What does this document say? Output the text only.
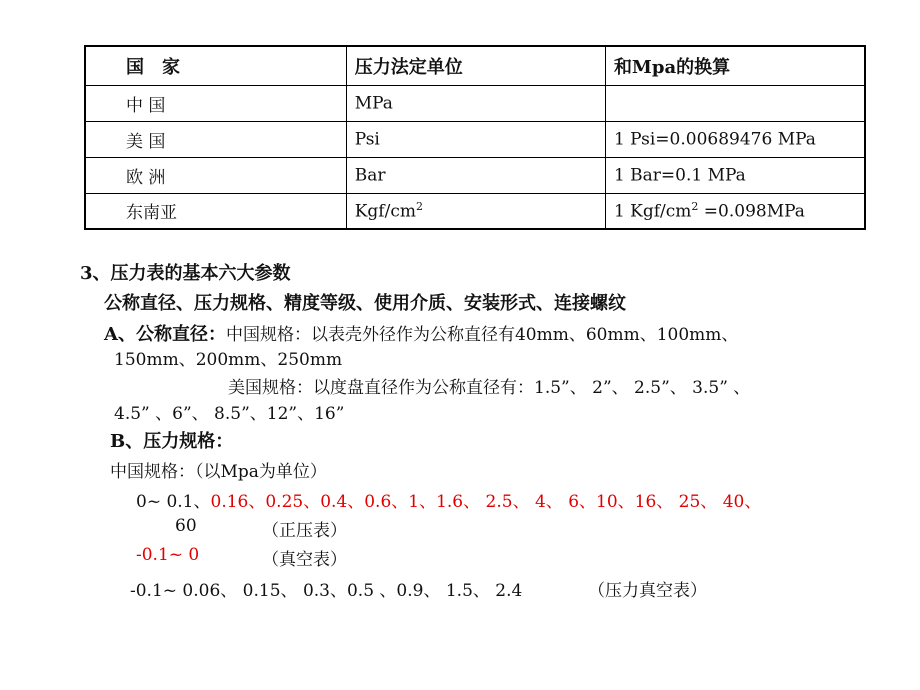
国　家	压力法定单位	和Mpa的换算
中 国	MPa	
美 国	Psi	1 Psi=0.00689476 MPa
欧 洲	Bar	1 Bar=0.1 MPa
东南亚	Kgf/$cm^2$	1 Kgf/$cm^2 =0.098MPa$
3、压力表的基本六大参数
公称直径、压力规格、精度等级、使用介质、安装形式、连接螺纹
A、公称直径：中国规格：以表壳外径作为公称直径有40mm、60mm、100mm、
150mm、200mm、250mm
美国规格：以度盘直径作为公称直径有：1.5”、 2”、 2.5”、 3.5” 、
4.5” 、6”、 8.5”、12”、16”
B、压力规格：
中国规格：（以Mpa为单位）
0~ 0.1、0.16、0.25、0.4、0.6、1、1.6、 2.5、 4、 6、10、16、 25、 40、
60	（正压表）
-0.1~ 0	（真空表）
-0.1~ 0.06、 0.15、 0.3、0.5 、0.9、 1.5、 2.4	（压力真空表）
